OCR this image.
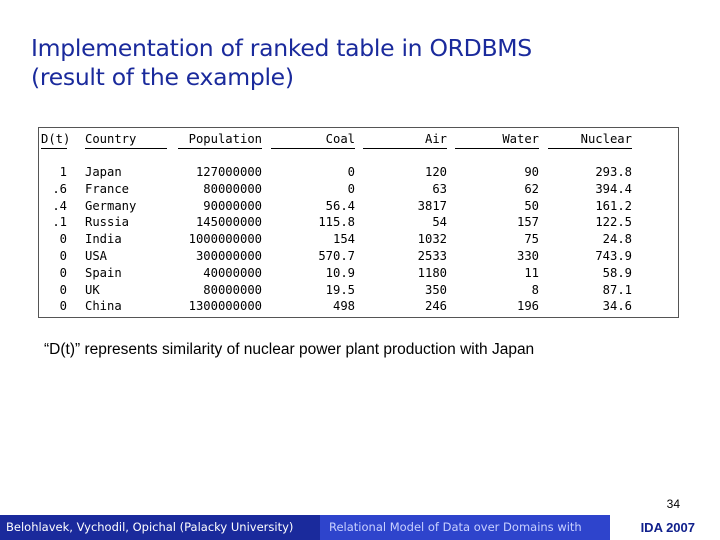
Implementation of ranked table in ORDBMS
(result of the example)
D(t) Country	Population	Coal	Air	Water	Nuclear
1 Japan	127000000	0	120	90	293.8
.6 France	80000000	0	63	62	394.4
.4 Germany	90000000	56.4	3817	50	161.2
.1 Russia	145000000	115.8	54	157	122.5
0 India	1000000000	154	1032	75	24.8
0 USA	300000000	570.7	2533	330	743.9
0 Spain	40000000	10.9	1180	11	58.9
0 UK	80000000	19.5	350	8	87.1
0 China	1300000000	498	246	196	34.6
“D(t)” represents similarity of nuclear power plant production with Japan
34
Belohlavek, Vychodil, Opichal (Palacky University)	Relational Model of Data over Domains with	IDA 2007
